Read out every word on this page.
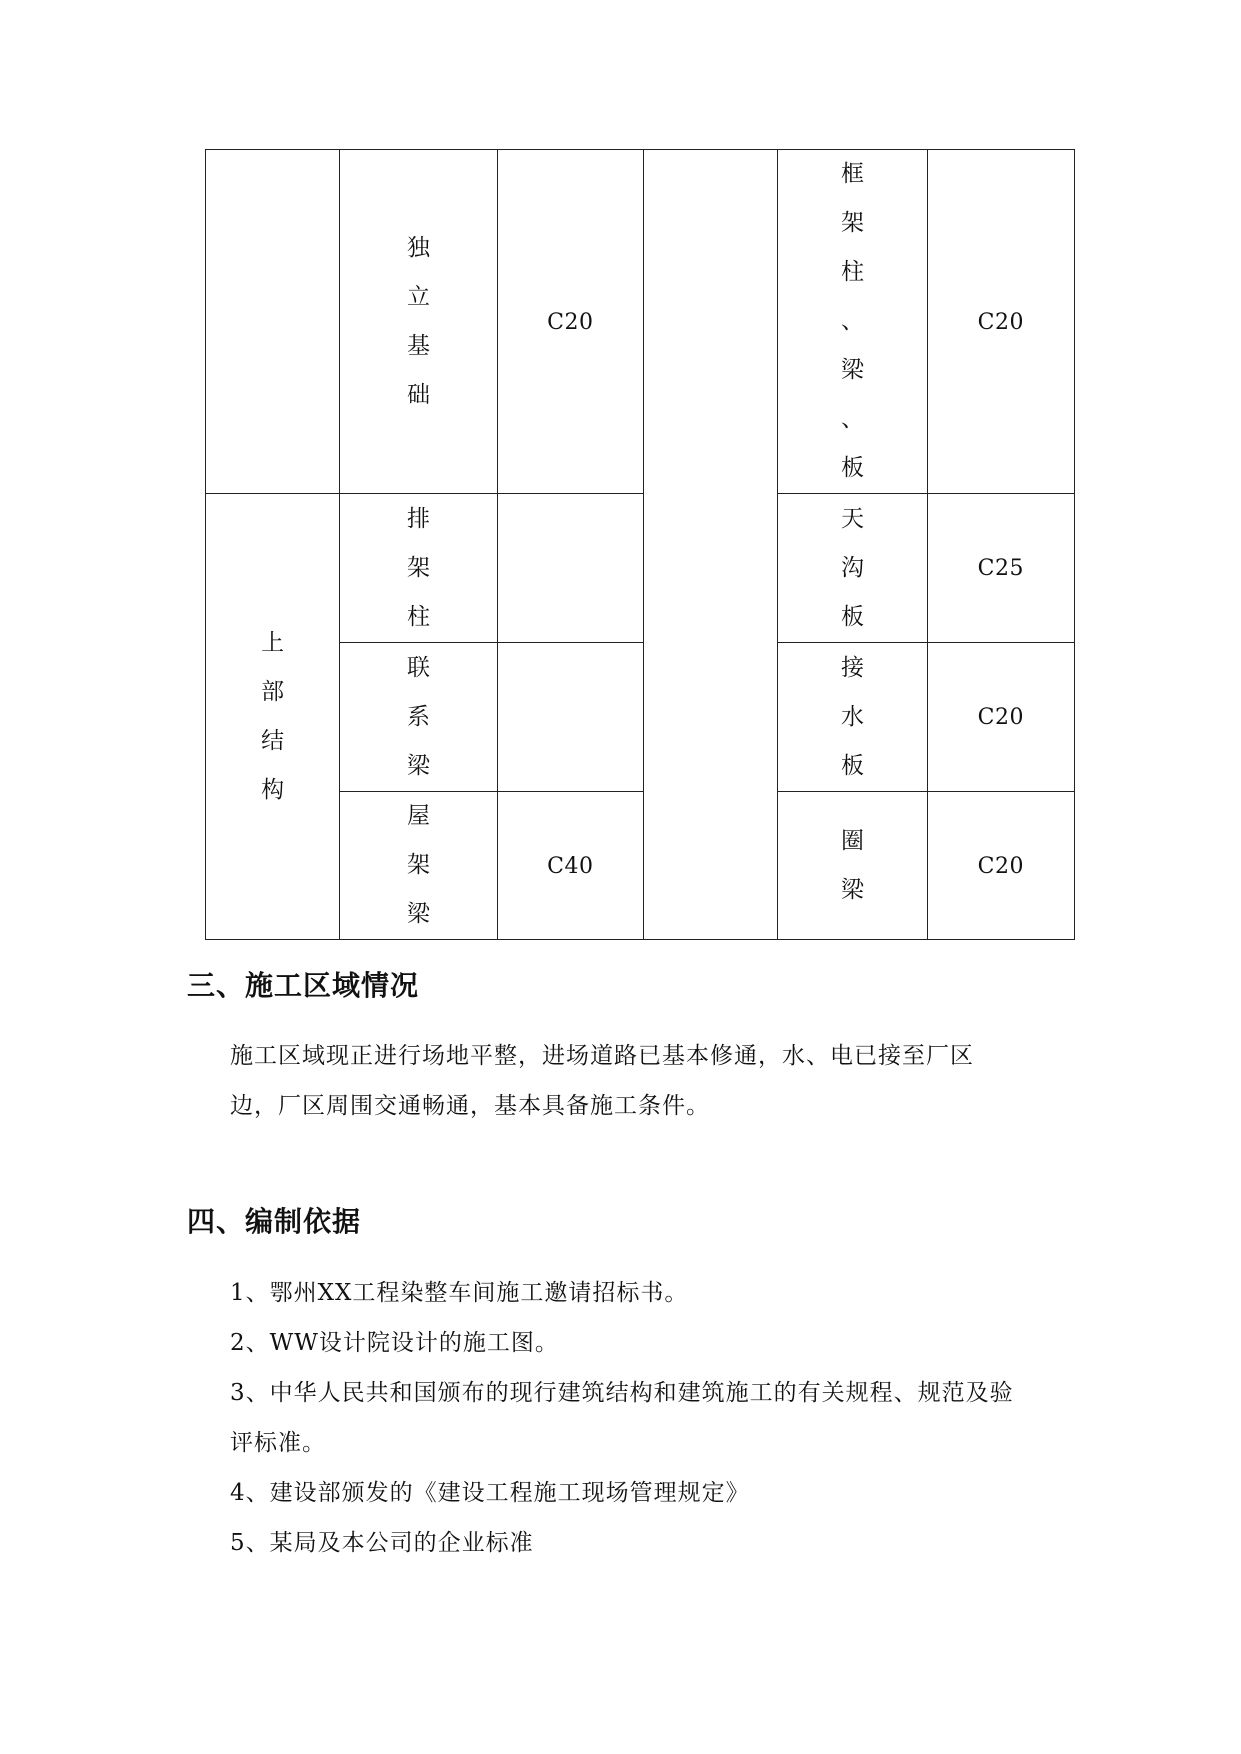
	独立基础	C20		框架柱、梁、板	C20
上部结构	排架柱			天沟板	C25
	联系梁			接水板	C20
	屋架梁	C40		圈梁	C20
三、施工区域情况

施工区域现正进行场地平整，进场道路已基本修通，水、电已接至厂区边，厂区周围交通畅通，基本具备施工条件。

四、编制依据

1、鄂州XX工程染整车间施工邀请招标书。

2、WW设计院设计的施工图。

3、中华人民共和国颁布的现行建筑结构和建筑施工的有关规程、规范及验评标准。

4、建设部颁发的《建设工程施工现场管理规定》

5、某局及本公司的企业标准
